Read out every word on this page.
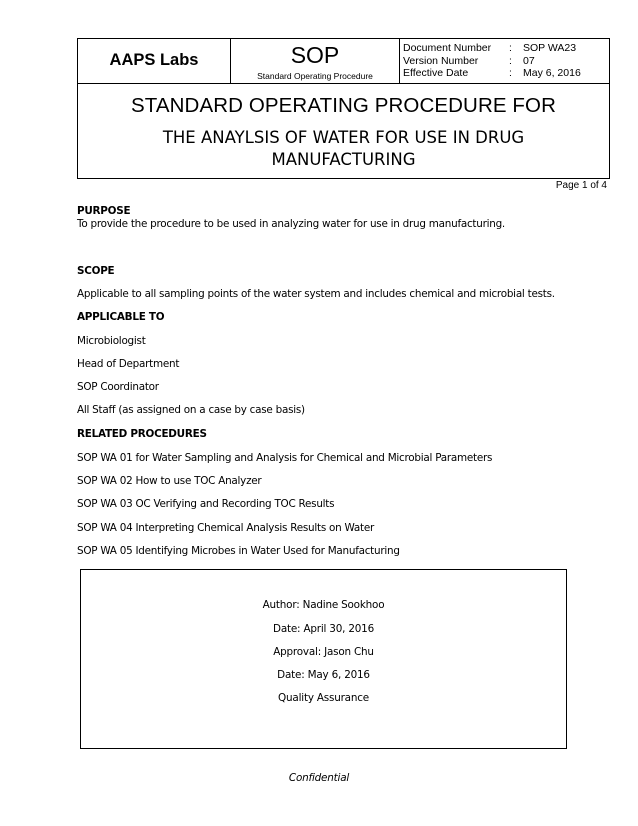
AAPS Labs	SOP
Standard Operating Procedure

Document Number	:	SOP WA23
Version Number	:	07
Effective Date	:	May 6, 2016

STANDARD OPERATING PROCEDURE FOR
THE ANAYLSIS OF WATER FOR USE IN DRUG MANUFACTURING
Page 1 of 4
PURPOSE
To provide the procedure to be used in analyzing water for use in drug manufacturing.
SCOPE
Applicable to all sampling points of the water system and includes chemical and microbial tests.
APPLICABLE TO
Microbiologist
Head of Department
SOP Coordinator
All Staff (as assigned on a case by case basis)
RELATED PROCEDURES
SOP WA 01 for Water Sampling and Analysis for Chemical and Microbial Parameters
SOP WA 02 How to use TOC Analyzer
SOP WA 03 OC Verifying and Recording TOC Results
SOP WA 04 Interpreting Chemical Analysis Results on Water
SOP WA 05 Identifying Microbes in Water Used for Manufacturing
Author: Nadine Sookhoo
Date: April 30, 2016
Approval: Jason Chu
Date: May 6, 2016
Quality Assurance
Confidential
